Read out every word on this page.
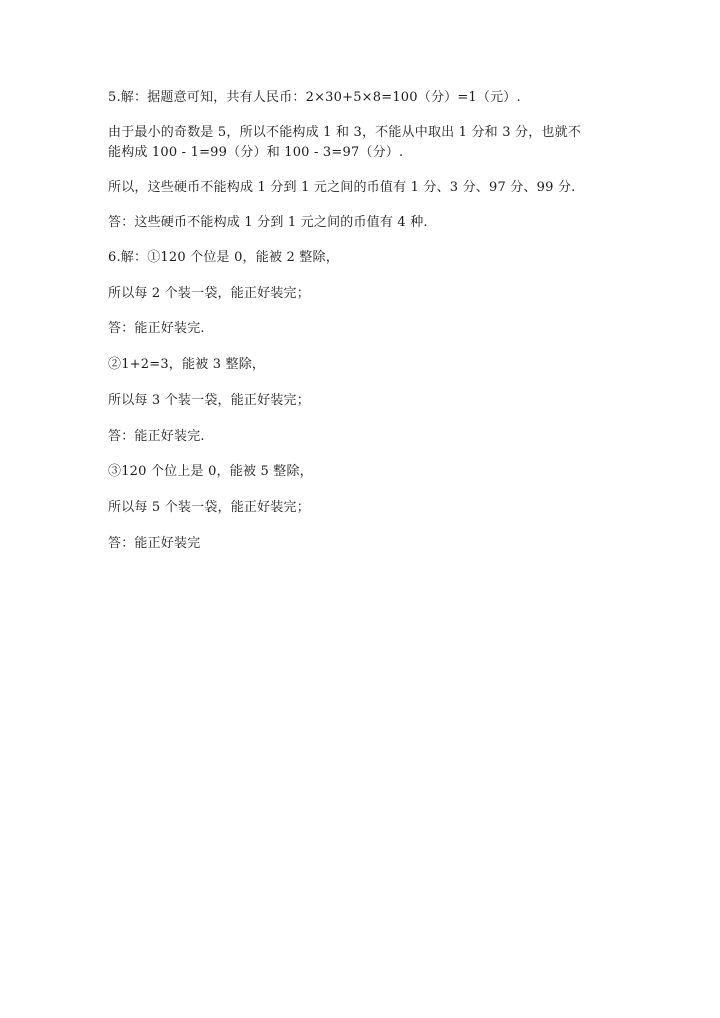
5.解：据题意可知，共有人民币：2×30+5×8=100（分）=1（元）.
由于最小的奇数是 5，所以不能构成 1 和 3，不能从中取出 1 分和 3 分，也就不
能构成 100 - 1=99（分）和 100 - 3=97（分）.
所以，这些硬币不能构成 1 分到 1 元之间的币值有 1 分、3 分、97 分、99 分.
答：这些硬币不能构成 1 分到 1 元之间的币值有 4 种.
6.解：①120 个位是 0，能被 2 整除，
所以每 2 个装一袋，能正好装完；
答：能正好装完.
②1+2=3，能被 3 整除，
所以每 3 个装一袋，能正好装完；
答：能正好装完.
③120 个位上是 0，能被 5 整除，
所以每 5 个装一袋，能正好装完；
答：能正好装完
